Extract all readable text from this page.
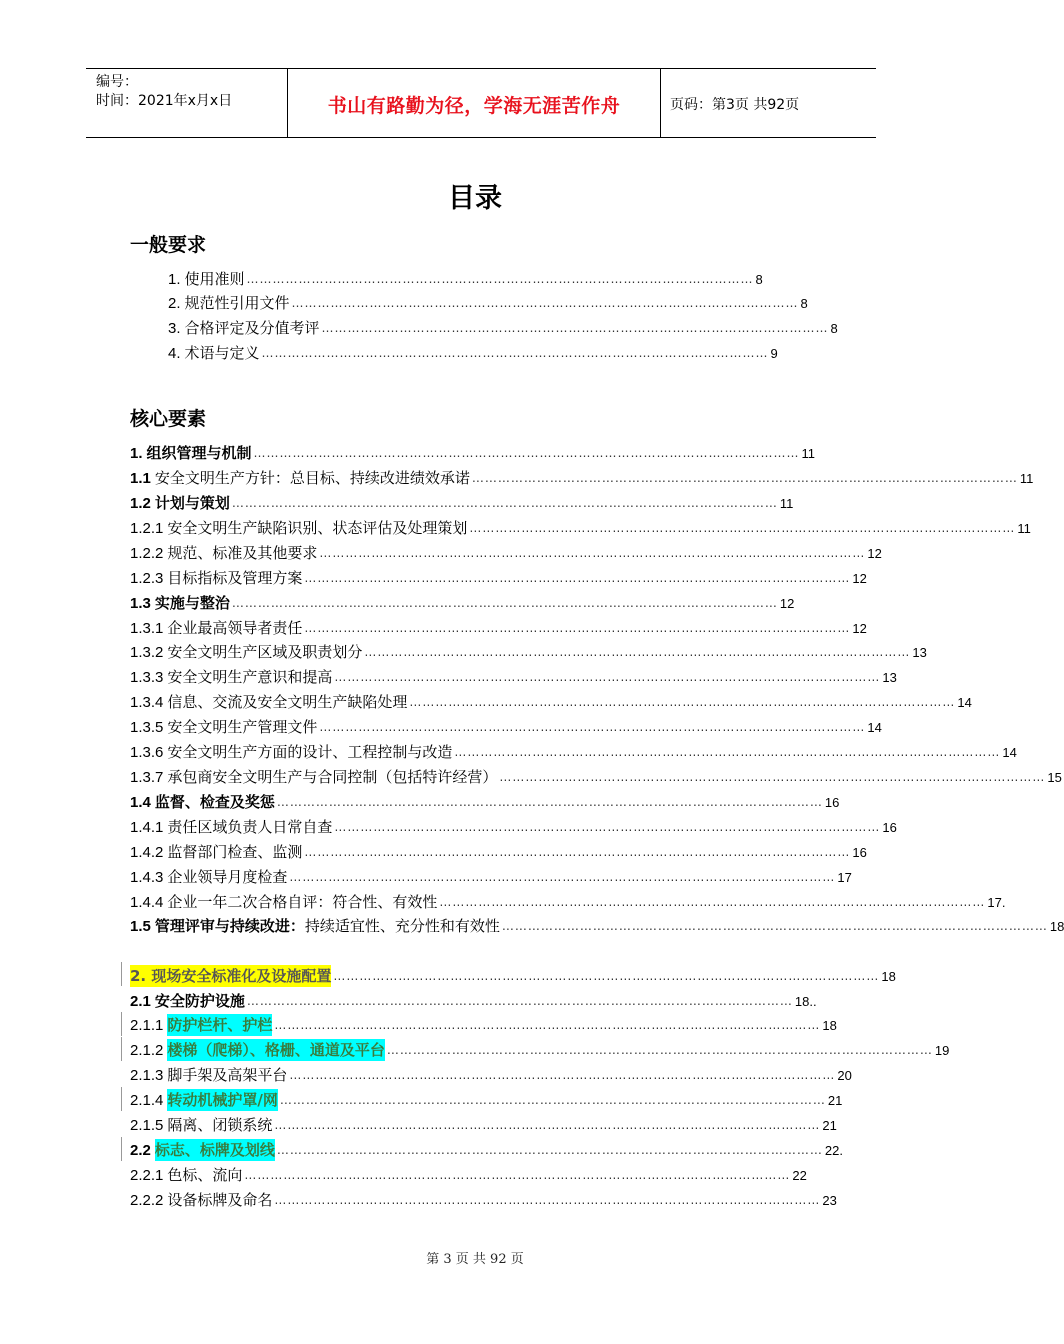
编号：
时间：2021年x月x日	书山有路勤为径，学海无涯苦作舟	页码：第3页 共92页
目录
一般要求
1. 使用准则 ……………………………………………………………………………………………………… 8
2. 规范性引用文件 ……………………………………………………………………………………………………… 8
3. 合格评定及分值考评 ……………………………………………………………………………………………………… 8
4. 术语与定义 ……………………………………………………………………………………………………… 9
核心要素
1. 组织管理与机制 ……………………………………………………………………………………………………………… 11
1.1 安全文明生产方针：总目标、持续改进绩效承诺 ……………………………………………………………………………………………………………… 11
1.2 计划与策划 ……………………………………………………………………………………………………………… 11
1.2.1 安全文明生产缺陷识别、状态评估及处理策划 ……………………………………………………………………………………………………………… 11
1.2.2 规范、标准及其他要求 ……………………………………………………………………………………………………………… 12
1.2.3 目标指标及管理方案 ……………………………………………………………………………………………………………… 12
1.3 实施与整治 ……………………………………………………………………………………………………………… 12
1.3.1 企业最高领导者责任 ……………………………………………………………………………………………………………… 12
1.3.2 安全文明生产区域及职责划分 ……………………………………………………………………………………………………………… 13
1.3.3 安全文明生产意识和提高 ……………………………………………………………………………………………………………… 13
1.3.4 信息、交流及安全文明生产缺陷处理 ……………………………………………………………………………………………………………… 14
1.3.5 安全文明生产管理文件 ……………………………………………………………………………………………………………… 14
1.3.6 安全文明生产方面的设计、工程控制与改造 ……………………………………………………………………………………………………………… 14
1.3.7 承包商安全文明生产与合同控制（包括特许经营） ……………………………………………………………………………………………………………… 15
1.4 监督、检查及奖惩 ……………………………………………………………………………………………………………… 16
1.4.1 责任区域负责人日常自查 ……………………………………………………………………………………………………………… 16
1.4.2 监督部门检查、监测 ……………………………………………………………………………………………………………… 16
1.4.3 企业领导月度检查 ……………………………………………………………………………………………………………… 17
1.4.4 企业一年二次合格自评：符合性、有效性 ……………………………………………………………………………………………………………… 17.
1.5 管理评审与持续改进： 持续适宜性、充分性和有效性 ……………………………………………………………………………………………………………… 18
2. 现场安全标准化及设施配置 ……………………………………………………………………………………………………………… 18
2.1 安全防护设施 ……………………………………………………………………………………………………………… 18..
2.1.1 防护栏杆、护栏 ……………………………………………………………………………………………………………… 18
2.1.2 楼梯（爬梯）、格栅、通道及平台 ……………………………………………………………………………………………………………… 19
2.1.3 脚手架及高架平台 ……………………………………………………………………………………………………………… 20
2.1.4 转动机械护罩/网 ……………………………………………………………………………………………………………… 21
2.1.5 隔离、闭锁系统 ……………………………………………………………………………………………………………… 21
2.2 标志、标牌及划线 ……………………………………………………………………………………………………………… 22.
2.2.1 色标、流向 ……………………………………………………………………………………………………………… 22
2.2.2 设备标牌及命名 ……………………………………………………………………………………………………………… 23
第 3 页 共 92 页
